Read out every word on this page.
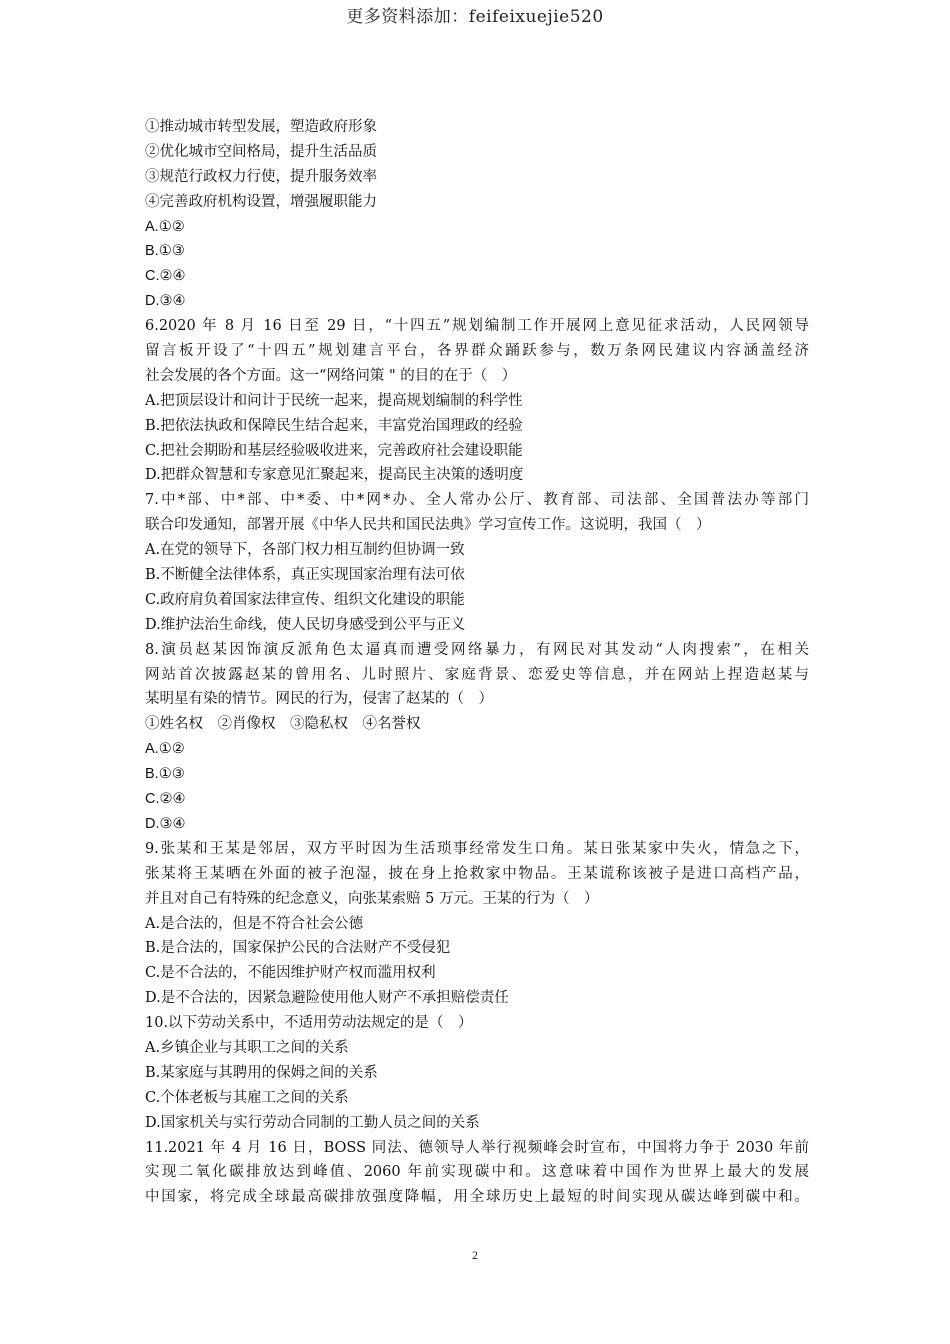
更多资料添加：feifeixuejie520
①推动城市转型发展，塑造政府形象
②优化城市空间格局，提升生活品质
③规范行政权力行使，提升服务效率
④完善政府机构设置，增强履职能力
A.①②
B.①③
C.②④
D.③④
6.2020 年 8 月 16 日至 29 日，“十四五”规划编制工作开展网上意见征求活动，人民网领导
留言板开设了“十四五”规划建言平台，各界群众踊跃参与，数万条网民建议内容涵盖经济
社会发展的各个方面。这一“网络问策 " 的目的在于（　）
A.把顶层设计和问计于民统一起来，提高规划编制的科学性
B.把依法执政和保障民生结合起来，丰富党治国理政的经验
C.把社会期盼和基层经验吸收进来，完善政府社会建设职能
D.把群众智慧和专家意见汇聚起来，提高民主决策的透明度
7.中*部、中*部、中*委、中*网*办、全人常办公厅、教育部、司法部、全国普法办等部门
联合印发通知，部署开展《中华人民共和国民法典》学习宣传工作。这说明，我国（　）
A.在党的领导下，各部门权力相互制约但协调一致
B.不断健全法律体系，真正实现国家治理有法可依
C.政府肩负着国家法律宣传、组织文化建设的职能
D.维护法治生命线，使人民切身感受到公平与正义
8.演员赵某因饰演反派角色太逼真而遭受网络暴力，有网民对其发动“人肉搜索”，在相关
网站首次披露赵某的曾用名、儿时照片、家庭背景、恋爱史等信息，并在网站上捏造赵某与
某明星有染的情节。网民的行为，侵害了赵某的（　）
①姓名权　②肖像权　③隐私权　④名誉权
A.①②
B.①③
C.②④
D.③④
9.张某和王某是邻居，双方平时因为生活琐事经常发生口角。某日张某家中失火，情急之下，
张某将王某晒在外面的被子泡湿，披在身上抢救家中物品。王某谎称该被子是进口高档产品，
并且对自己有特殊的纪念意义，向张某索赔 5 万元。王某的行为（　）
A.是合法的，但是不符合社会公德
B.是合法的，国家保护公民的合法财产不受侵犯
C.是不合法的，不能因维护财产权而滥用权利
D.是不合法的，因紧急避险使用他人财产不承担赔偿责任
10.以下劳动关系中，不适用劳动法规定的是（　）
A.乡镇企业与其职工之间的关系
B.某家庭与其聘用的保姆之间的关系
C.个体老板与其雇工之间的关系
D.国家机关与实行劳动合同制的工勤人员之间的关系
11.2021 年 4 月 16 日，BOSS 同法、德领导人举行视频峰会时宣布，中国将力争于 2030 年前
实现二氧化碳排放达到峰值、2060 年前实现碳中和。这意味着中国作为世界上最大的发展
中国家，将完成全球最高碳排放强度降幅，用全球历史上最短的时间实现从碳达峰到碳中和。
2
